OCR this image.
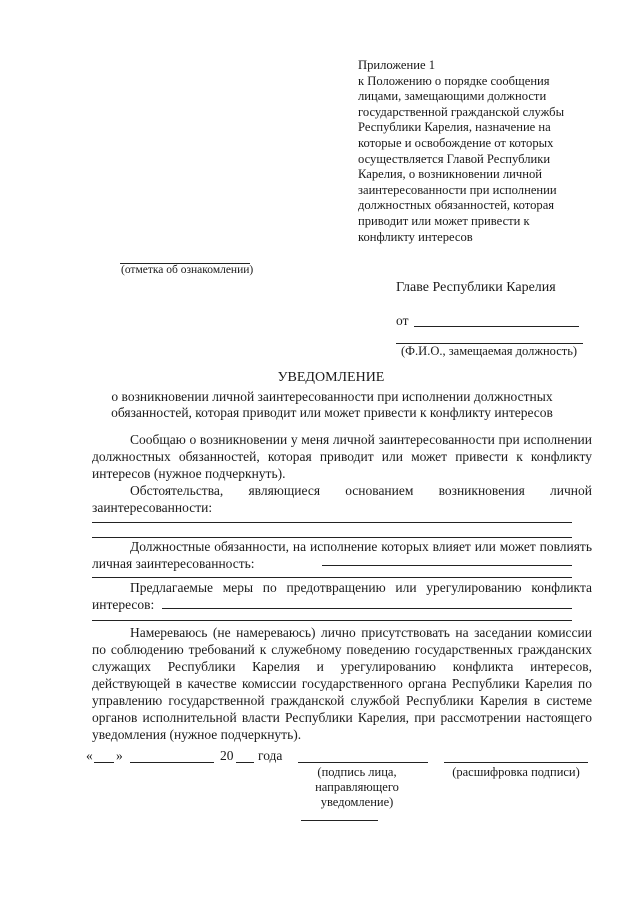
Приложение 1
к Положению о порядке сообщения
лицами, замещающими должности
государственной гражданской службы
Республики Карелия, назначение на
которые и освобождение от которых
осуществляется Главой Республики
Карелия, о возникновении личной
заинтересованности при исполнении
должностных обязанностей, которая
приводит или может привести к
конфликту интересов
(отметка об ознакомлении)
Главе Республики Карелия
от
(Ф.И.О., замещаемая должность)
УВЕДОМЛЕНИЕ
о возникновении личной заинтересованности при исполнении должностных
обязанностей, которая приводит или может привести к конфликту интересов
Сообщаю о возникновении у меня личной заинтересованности при исполнении должностных обязанностей, которая приводит или может привести к конфликту интересов (нужное подчеркнуть).
Обстоятельства, являющиеся основанием возникновения личной заинтересованности:
Должностные обязанности, на исполнение которых влияет или может повлиять личная заинтересованность:
Предлагаемые меры по предотвращению или урегулированию конфликта интересов:
Намереваюсь (не намереваюсь) лично присутствовать на заседании комиссии по соблюдению требований к служебному поведению государственных гражданских служащих Республики Карелия и урегулированию конфликта интересов, действующей в качестве комиссии государственного органа Республики Карелия по управлению государственной гражданской службой Республики Карелия в системе органов исполнительной власти Республики Карелия, при рассмотрении настоящего уведомления (нужное подчеркнуть).
« »	20 года
(подпись лица, направляющего уведомление)
(расшифровка подписи)
